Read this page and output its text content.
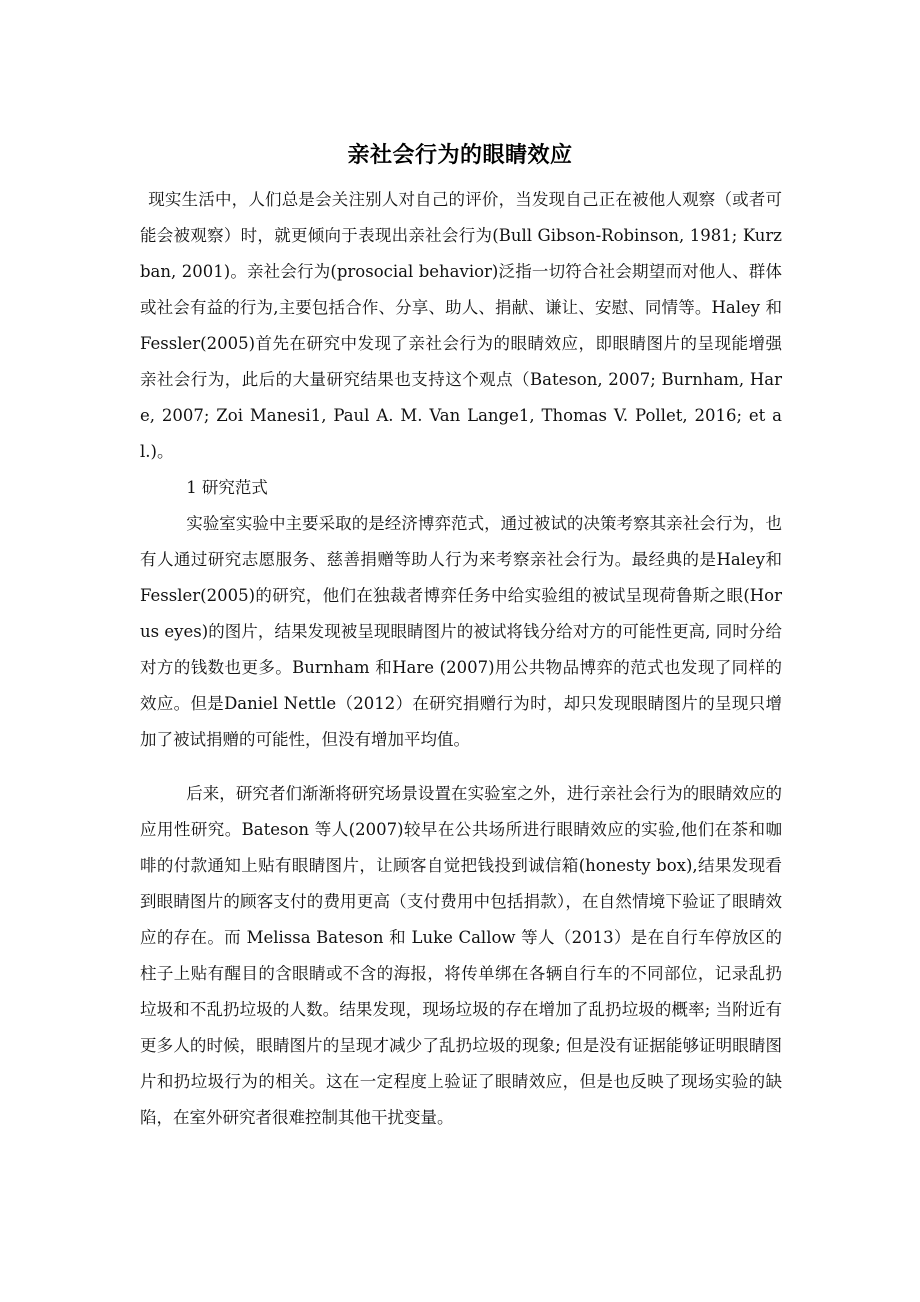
亲社会行为的眼睛效应

现实生活中，人们总是会关注别人对自己的评价，当发现自己正在被他人观察（或者可能会被观察）时，就更倾向于表现出亲社会行为(Bull Gibson-Robinson, 1981; Kurzban, 2001)。亲社会行为(prosocial behavior)泛指一切符合社会期望而对他人、群体或社会有益的行为,主要包括合作、分享、助人、捐献、谦让、安慰、同情等。Haley 和 Fessler(2005)首先在研究中发现了亲社会行为的眼睛效应，即眼睛图片的呈现能增强亲社会行为，此后的大量研究结果也支持这个观点（Bateson, 2007; Burnham, Hare, 2007; Zoi Manesi1, Paul A. M. Van Lange1, Thomas V. Pollet, 2016; et al.)。

1 研究范式

实验室实验中主要采取的是经济博弈范式，通过被试的决策考察其亲社会行为，也有人通过研究志愿服务、慈善捐赠等助人行为来考察亲社会行为。最经典的是Haley和 Fessler(2005)的研究，他们在独裁者博弈任务中给实验组的被试呈现荷鲁斯之眼(Horus eyes)的图片，结果发现被呈现眼睛图片的被试将钱分给对方的可能性更高, 同时分给对方的钱数也更多。Burnham 和Hare (2007)用公共物品博弈的范式也发现了同样的效应。但是Daniel Nettle（2012）在研究捐赠行为时，却只发现眼睛图片的呈现只增加了被试捐赠的可能性，但没有增加平均值。

后来，研究者们渐渐将研究场景设置在实验室之外，进行亲社会行为的眼睛效应的应用性研究。Bateson 等人(2007)较早在公共场所进行眼睛效应的实验,他们在茶和咖啡的付款通知上贴有眼睛图片，让顾客自觉把钱投到诚信箱(honesty box),结果发现看到眼睛图片的顾客支付的费用更高（支付费用中包括捐款），在自然情境下验证了眼睛效应的存在。而 Melissa Bateson 和 Luke Callow 等人（2013）是在自行车停放区的柱子上贴有醒目的含眼睛或不含的海报，将传单绑在各辆自行车的不同部位，记录乱扔垃圾和不乱扔垃圾的人数。结果发现，现场垃圾的存在增加了乱扔垃圾的概率; 当附近有更多人的时候，眼睛图片的呈现才减少了乱扔垃圾的现象; 但是没有证据能够证明眼睛图片和扔垃圾行为的相关。这在一定程度上验证了眼睛效应，但是也反映了现场实验的缺陷，在室外研究者很难控制其他干扰变量。
